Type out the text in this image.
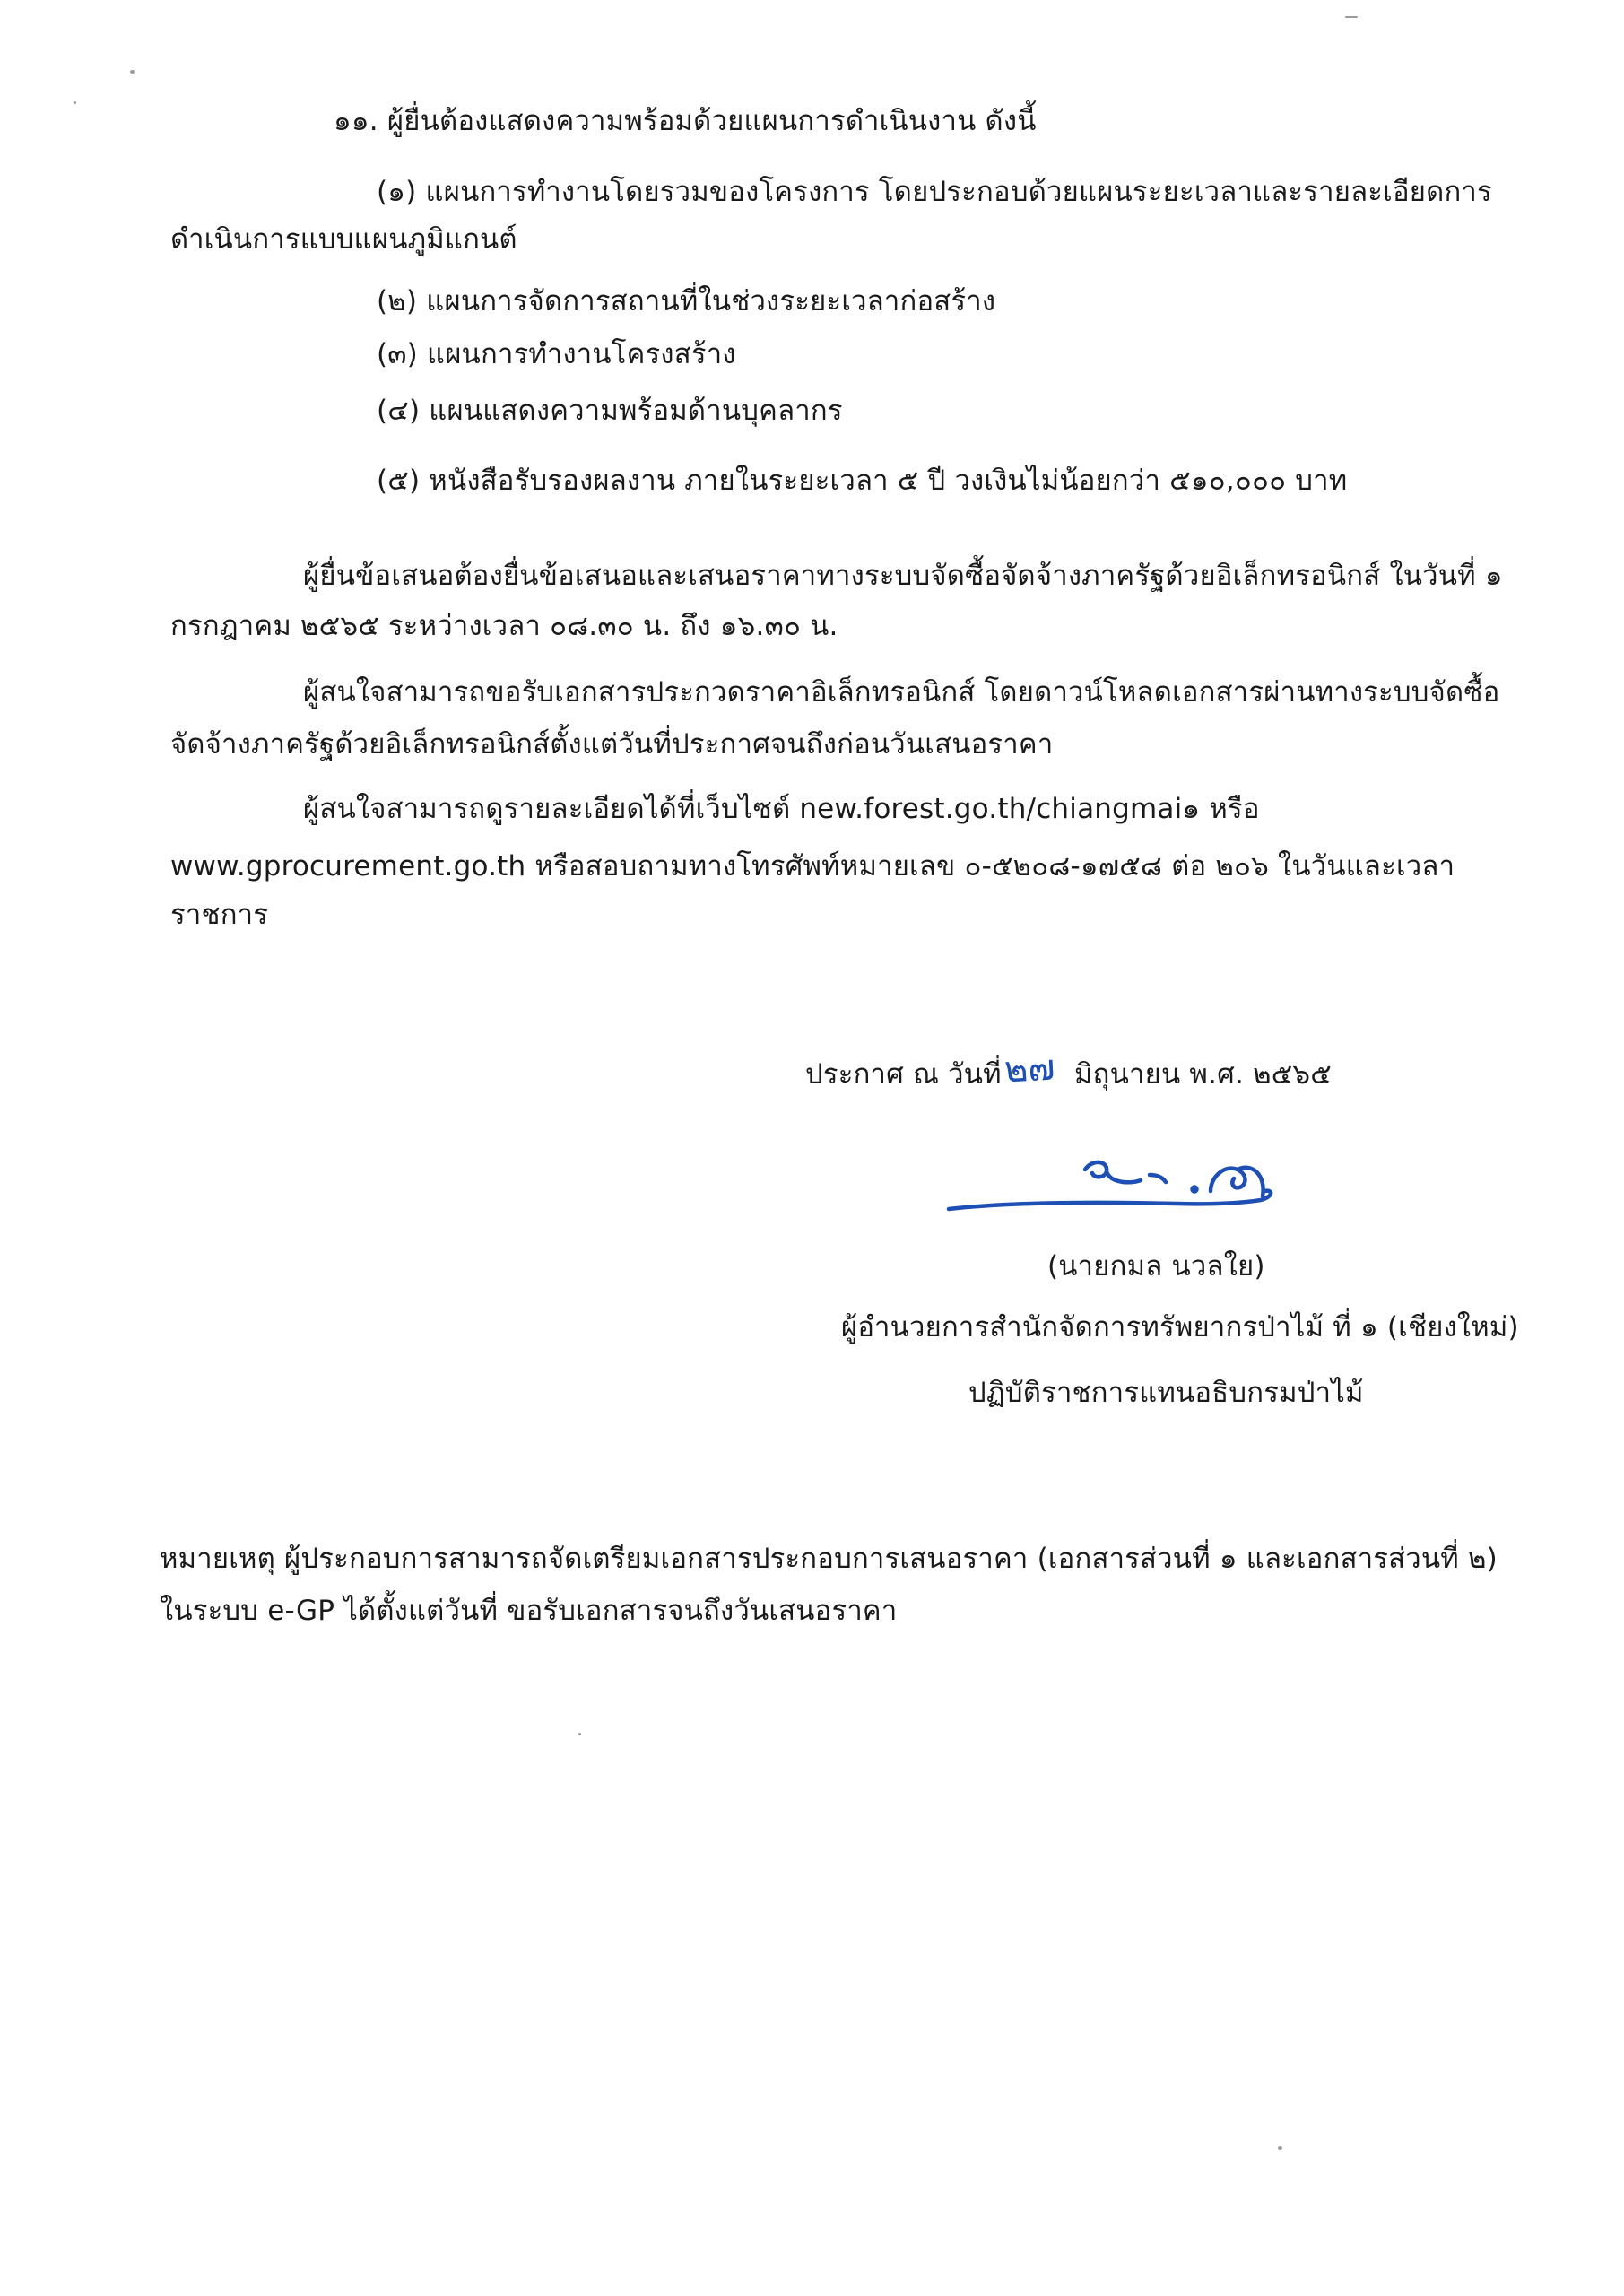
๑๑. ผู้ยื่นต้องแสดงความพร้อมด้วยแผนการดำเนินงาน ดังนี้
(๑) แผนการทำงานโดยรวมของโครงการ โดยประกอบด้วยแผนระยะเวลาและรายละเอียดการ
ดำเนินการแบบแผนภูมิแกนต์
(๒) แผนการจัดการสถานที่ในช่วงระยะเวลาก่อสร้าง
(๓) แผนการทำงานโครงสร้าง
(๔) แผนแสดงความพร้อมด้านบุคลากร
(๕) หนังสือรับรองผลงาน ภายในระยะเวลา ๕ ปี วงเงินไม่น้อยกว่า ๕๑๐,๐๐๐ บาท
ผู้ยื่นข้อเสนอต้องยื่นข้อเสนอและเสนอราคาทางระบบจัดซื้อจัดจ้างภาครัฐด้วยอิเล็กทรอนิกส์ ในวันที่ ๑
กรกฎาคม ๒๕๖๕ ระหว่างเวลา ๐๘.๓๐ น. ถึง ๑๖.๓๐ น.
ผู้สนใจสามารถขอรับเอกสารประกวดราคาอิเล็กทรอนิกส์ โดยดาวน์โหลดเอกสารผ่านทางระบบจัดซื้อ
จัดจ้างภาครัฐด้วยอิเล็กทรอนิกส์ตั้งแต่วันที่ประกาศจนถึงก่อนวันเสนอราคา
ผู้สนใจสามารถดูรายละเอียดได้ที่เว็บไซต์ new.forest.go.th/chiangmai๑ หรือ
www.gprocurement.go.th หรือสอบถามทางโทรศัพท์หมายเลข ๐-๕๒๐๘-๑๗๕๘ ต่อ ๒๐๖ ในวันและเวลา
ราชการ
ประกาศ ณ วันที่ ๒๗ มิถุนายน พ.ศ. ๒๕๖๕
(นายกมล นวลใย)
ผู้อำนวยการสำนักจัดการทรัพยากรป่าไม้ ที่ ๑ (เชียงใหม่)
ปฏิบัติราชการแทนอธิบกรมป่าไม้
หมายเหตุ ผู้ประกอบการสามารถจัดเตรียมเอกสารประกอบการเสนอราคา (เอกสารส่วนที่ ๑ และเอกสารส่วนที่ ๒)
ในระบบ e-GP ได้ตั้งแต่วันที่ ขอรับเอกสารจนถึงวันเสนอราคา
